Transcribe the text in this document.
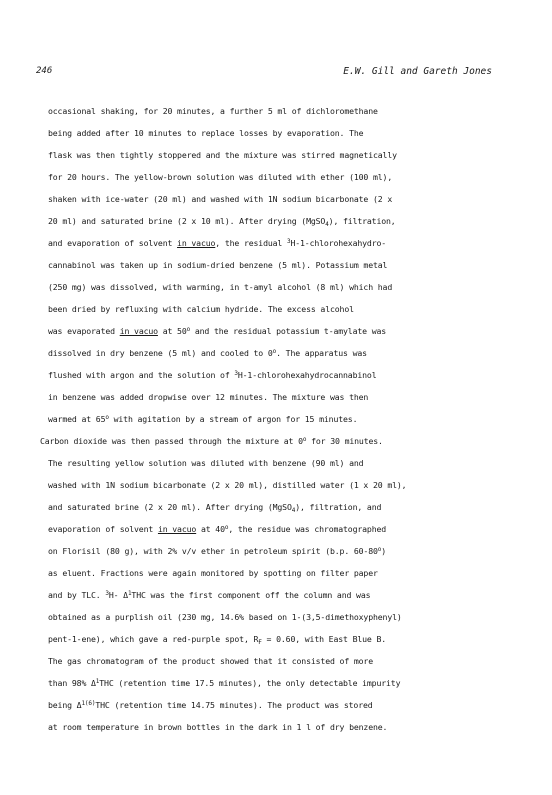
246	E.W. Gill and Gareth Jones
occasional shaking, for 20 minutes, a further 5 ml of dichloromethane
being added after 10 minutes to replace losses by evaporation. The
flask was then tightly stoppered and the mixture was stirred magnetically
for 20 hours. The yellow-brown solution was diluted with ether (100 ml),
shaken with ice-water (20 ml) and washed with 1N sodium bicarbonate (2 x
20 ml) and saturated brine (2 x 10 ml). After drying (MgSO$_4$), filtration,
and evaporation of solvent in vacuo, the residual $^3$H-1-chlorohexahydro-
cannabinol was taken up in sodium-dried benzene (5 ml). Potassium metal
(250 mg) was dissolved, with warming, in t-amyl alcohol (8 ml) which had
been dried by refluxing with calcium hydride. The excess alcohol
was evaporated in vacuo at 50$^o$ and the residual potassium t-amylate was
dissolved in dry benzene (5 ml) and cooled to 0$^o$. The apparatus was
flushed with argon and the solution of $^3$H-1-chlorohexahydrocannabinol
in benzene was added dropwise over 12 minutes. The mixture was then
warmed at 65$^o$ with agitation by a stream of argon for 15 minutes.
Carbon dioxide was then passed through the mixture at 0$^o$ for 30 minutes.
The resulting yellow solution was diluted with benzene (90 ml) and
washed with 1N sodium bicarbonate (2 x 20 ml), distilled water (1 x 20 ml),
and saturated brine (2 x 20 ml). After drying (MgSO$_4$), filtration, and
evaporation of solvent in vacuo at 40$^o$, the residue was chromatographed
on Florisil (80 g), with 2% v/v ether in petroleum spirit (b.p. 60-80$^o$)
as eluent. Fractions were again monitored by spotting on filter paper
and by TLC. $^3$H- $\Delta^1THC$ was the first component off the column and was
obtained as a purplish oil (230 mg, 14.6% based on 1-(3,5-dimethoxyphenyl)
pent-1-ene), which gave a red-purple spot, $R_F = 0.60$, with East Blue B.
The gas chromatogram of the product showed that it consisted of more
than 98% $\Delta^1THC$ (retention time 17.5 minutes), the only detectable impurity
being $\Delta^{1(6)}THC$ (retention time 14.75 minutes). The product was stored
at room temperature in brown bottles in the dark in 1 l of dry benzene.
